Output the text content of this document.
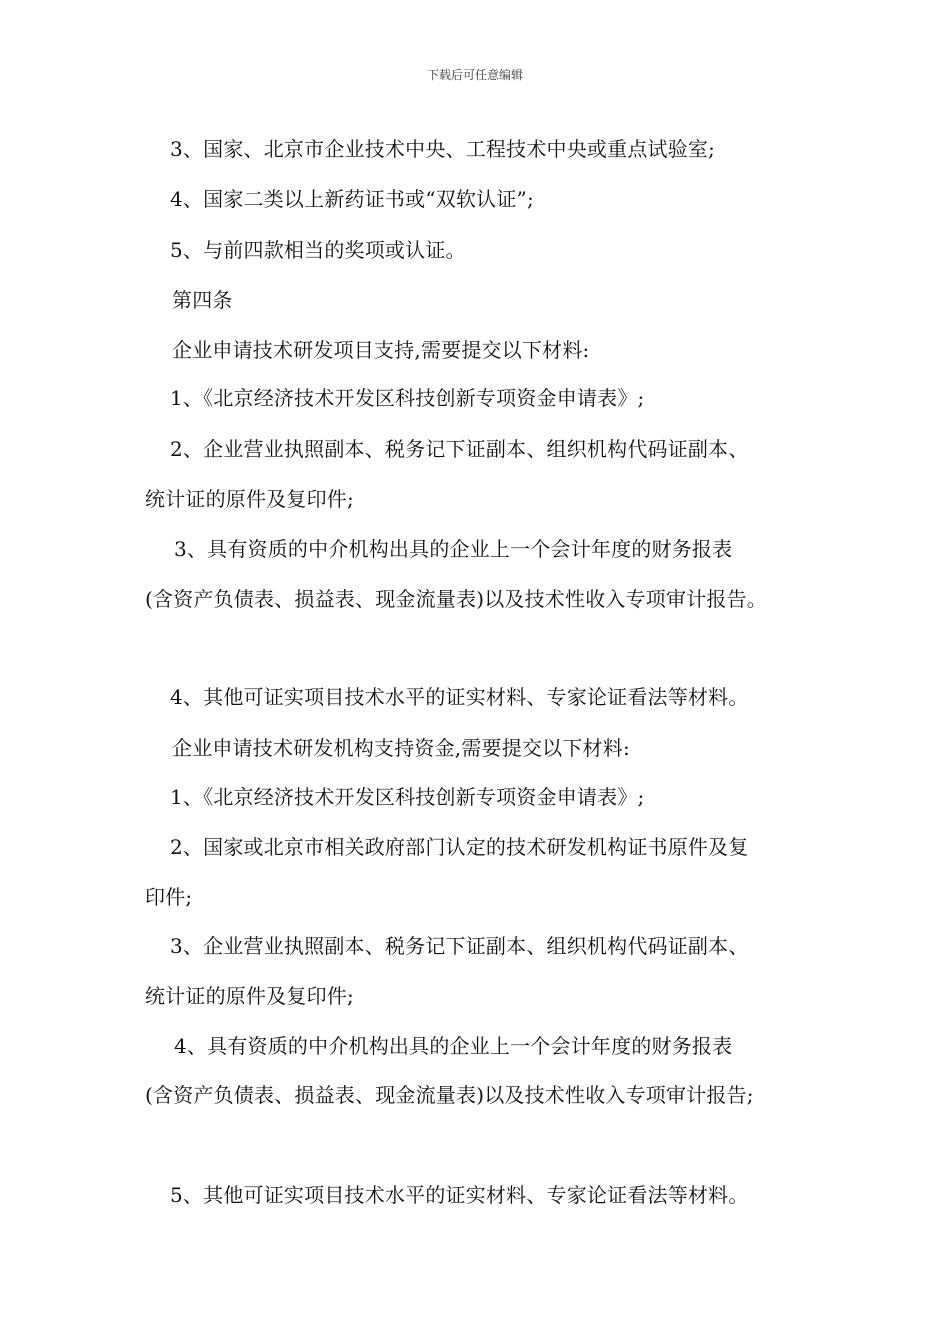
下载后可任意编辑
3、国家、北京市企业技术中央、工程技术中央或重点试验室;
4、国家二类以上新药证书或“双软认证”;
5、与前四款相当的奖项或认证。
第四条
企业申请技术研发项目支持,需要提交以下材料:
1、《北京经济技术开发区科技创新专项资金申请表》;
2、企业营业执照副本、税务记下证副本、组织机构代码证副本、
统计证的原件及复印件;
3、具有资质的中介机构出具的企业上一个会计年度的财务报表
(含资产负债表、损益表、现金流量表)以及技术性收入专项审计报告。
4、其他可证实项目技术水平的证实材料、专家论证看法等材料。
企业申请技术研发机构支持资金,需要提交以下材料:
1、《北京经济技术开发区科技创新专项资金申请表》;
2、国家或北京市相关政府部门认定的技术研发机构证书原件及复
印件;
3、企业营业执照副本、税务记下证副本、组织机构代码证副本、
统计证的原件及复印件;
4、具有资质的中介机构出具的企业上一个会计年度的财务报表
(含资产负债表、损益表、现金流量表)以及技术性收入专项审计报告;
5、其他可证实项目技术水平的证实材料、专家论证看法等材料。
